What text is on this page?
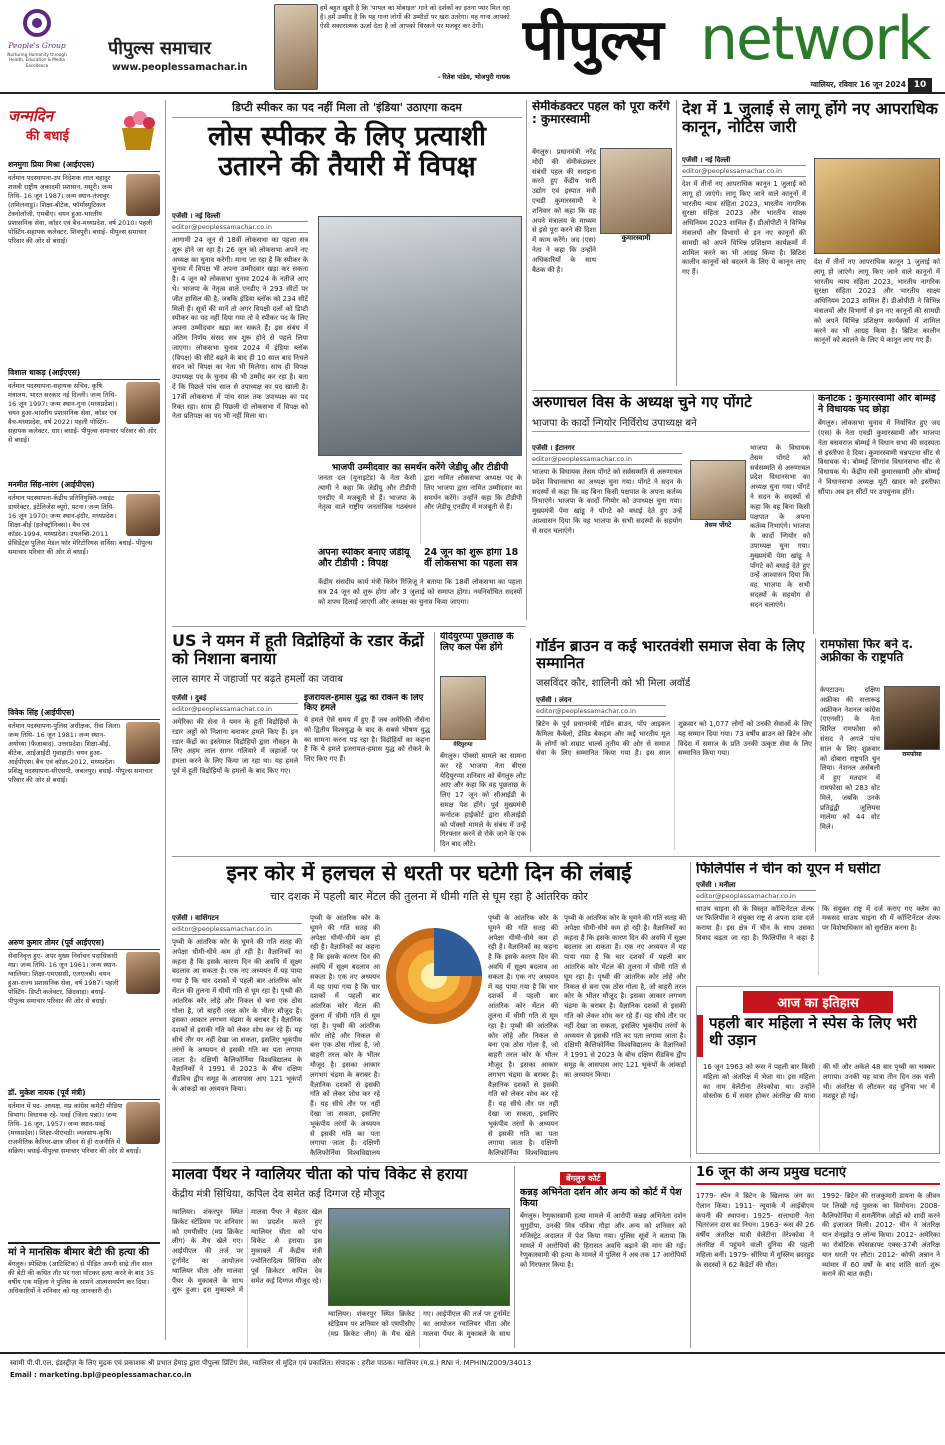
People's Group
Nurturing Humanity through Health, Education & Media Excellence
पीपुल्स समाचार
www.peoplessamachar.in
हमें बहुत ख़ुशी है कि 'पायल का मोबाइल' गाने को दर्शकों का इतना प्यार मिल रहा है। हमें उम्मीद है कि यह गाना लोगों की उम्मीदों पर खरा उतरेगा। यह गाना आपको ऐसी सकारात्मक ऊर्जा देता है जो आपको थिरकने पर मजबूर कर देगी।
- रितेश पांडेय, भोजपुरी गायक
पीपुल्स network
ग्वालियर, रविवार 16 जून 2024 10
जन्मदिन
की बधाई
शनमुगा प्रिया मिश्रा (आईएएस)
वर्तमान पदस्थापना-उप निदेशक लाल बहादुर शास्त्री राष्ट्रीय अकादमी प्रशासन, मसूरी। जन्म तिथि- 16 जून 1987। जन्म स्थान-तंजावुर (तमिलनाडु)। शिक्षा-बीटेक, फॉर्मास्युटिकल टेक्नोलॉजी, एमबीए। चयन हुआ-भारतीय प्रशासनिक सेवा, कॉडर एवं बैच-मध्यप्रदेश, वर्ष 2010। पहली पोस्टिंग-सहायक कलेक्टर, शिवपुरी। बधाई- पीपुल्स समाचार परिवार की ओर से बधाई।
विशाल धाकड़ (आईएएस)
वर्तमान पदस्थापना-सहायक सचिव, कृषि मंत्रालय, भारत सरकार नई दिल्ली। जन्म तिथि- 16 जून 1997। जन्म स्थान-गुना (मध्यप्रदेश)। चयन हुआ-भारतीय प्रशासनिक सेवा, कॉडर एवं बैच-मध्यप्रदेश, वर्ष 2022। पहली पोस्टिंग-सहायक कलेक्टर, धार। बधाई- पीपुल्स समाचार परिवार की ओर से बधाई।
मनमीत सिंह-नारंग (आईपीएस)
वर्तमान पदस्थापना-केंद्रीय प्रतिनियुक्ति-ज्वाइंट डायरेक्टर, इंटेलिजेंस ब्यूरो, पटना। जन्म तिथि- 16 जून 1970। जन्म स्थान-इंदौर, मध्यप्रदेश। शिक्षा-बीई (इलेक्ट्रॉनिक्स)। बैच एवं कॉडर-1994, मध्यप्रदेश। उपलब्धि-2011 प्रेसिडेंट्स पुलिस मेडल फॉर मेरिटोरियस सर्विस। बधाई- पीपुल्स समाचार परिवार की ओर से बधाई।
विवेक सिंह (आईपीएस)
वर्तमान पदस्थापना-पुलिस अधीक्षक, रीवा जिला। जन्म तिथि- 16 जून 1981। जन्म स्थान-अयोध्या (फैजाबाद), उत्तरप्रदेश। शिक्षा-बीई, बीटेक, आईआईटी गुवाहाटी। चयन हुआ-आईपीएस। बैच एवं कॉडर-2012, मध्यप्रदेश। प्रशिक्षु पदस्थापना-सीएसपी, जबलपुर। बधाई- पीपुल्स समाचार परिवार की ओर से बधाई।
अरुण कुमार तोमर (पूर्व आईएएस)
सेवानिवृत्त हुए- अपर मुख्य निर्वाचन पदाधिकारी मप्र। जन्म तिथि- 16 जून 1961। जन्म स्थान-ग्वालियर। शिक्षा-एमएससी, एलएलबी। चयन हुआ-राज्य प्रशासनिक सेवा, वर्ष 1987। पहली पोस्टिंग- डिप्टी कलेक्टर, छिंदवाड़ा। बधाई- पीपुल्स समाचार परिवार की ओर से बधाई।
डॉ. मुकेश नायक (पूर्व मंत्री)
वर्तमान में पद- अध्यक्ष, मप्र कांग्रेस कमेटी मीडिया विभाग। विधायक रहे- पवई (जिला पन्ना)। जन्म तिथि- 16 जून, 1957। जन्म स्थान-पवई (मध्यप्रदेश)। शिक्षा-पीएचडी। व्यवसाय-कृषि। राजनीतिक कैरियर-छात्र जीवन से ही राजनीति में सक्रिय। बधाई-पीपुल्स समाचार परिवार की ओर से बधाई।
मां ने मानसिक बीमार बेटी की हत्या की
बेंगलुरु। स्पेस्टिक (आटिस्टिक) से पीड़ित अपनी साढ़े तीन साल की बेटी की कथित तौर पर गला घोंटकर हत्या करने के बाद 35 वर्षीय एक महिला ने पुलिस के सामने आत्मसमर्पण कर दिया। अधिकारियों ने शनिवार को यह जानकारी दी।
डिप्टी स्पीकर का पद नहीं मिला तो 'इंडिया' उठाएगा कदम
लोस स्पीकर के लिए प्रत्याशी उतारने की तैयारी में विपक्ष
एजेंसी । नई दिल्ली
editor@peoplessamachar.co.in
आगामी 24 जून से 18वीं लोकसभा का पहला सत्र शुरू होने जा रहा है। 26 जून को लोकसभा अपने नए अध्यक्ष का चुनाव करेगी। माना जा रहा है कि स्पीकर के चुनाव में विपक्ष भी अपना उम्मीदवार खड़ा कर सकता है। 4 जून को लोकसभा चुनाव 2024 के नतीजे आए थे। भाजपा के नेतृत्व वाले एनडीए ने 293 सीटों पर जीत हासिल की है, जबकि इंडिया ब्लॉक को 234 सीटें मिली हैं। सूत्रों की मानें तो अगर विपक्षी दलों को डिप्टी स्पीकर का पद नहीं दिया गया तो वे स्पीकर पद के लिए अपना उम्मीदवार खड़ा कर सकते हैं। इस संबंध में अंतिम निर्णय संसद सत्र शुरू होने से पहले लिया जाएगा। लोकसभा चुनाव 2024 में इंडिया ब्लॉक (विपक्ष) की सीटें बढ़ने के बाद ही 10 साल बाद निचले सदन को विपक्ष का नेता भी मिलेगा। साथ ही विपक्ष उपाध्यक्ष पद के चुनाव की भी उम्मीद कर रहा है। बता दें कि पिछले पांच साल से उपाध्यक्ष का पद खाली है। 17वीं लोकसभा में पांच साल तक उपाध्यक्ष का पद रिक्त रहा। साथ ही पिछली दो लोकसभा में विपक्ष को नेता प्रतिपक्ष का पद भी नहीं मिला था।
भाजपी उम्मीदवार का समर्थन करेंगे जेडीयू और टीडीपी
जनता दल (यूनाइटेड) के नेता केसी त्यागी ने कहा कि जेडीयू और टीडीपी एनडीए में मजबूती से हैं। भाजपा के नेतृत्व वाले राष्ट्रीय जनतांत्रिक गठबंधन द्वारा नामित लोकसभा अध्यक्ष पद के लिए भाजपा द्वारा नामित उम्मीदवार का समर्थन करेंगे। उन्होंने कहा कि टीडीपी और जेडीयू एनडीए में मजबूती से हैं।
अपना स्पीकर बनाएं जेडीयू और टीडीपी : विपक्ष
24 जून को शुरू होगा 18 वीं लोकसभा का पहला सत्र
केंद्रीय संसदीय कार्य मंत्री किरेन रिजिजू ने बताया कि 18वीं लोकसभा का पहला सत्र 24 जून को शुरू होगा और 3 जुलाई को समाप्त होगा। नवनिर्वाचित सदस्यों को शपथ दिलाई जाएगी और अध्यक्ष का चुनाव किया जाएगा।
सेमीकंडक्टर पहल को पूरा करेंगे : कुमारस्वामी
कुमारस्वामी
बेंगलुरु। प्रधानमंत्री नरेंद्र मोदी की सेमीकंडक्टर संबंधी पहल की सराहना करते हुए केंद्रीय भारी उद्योग एवं इस्पात मंत्री एचडी कुमारस्वामी ने शनिवार को कहा कि वह अपने मंत्रालय के माध्यम से इसे पूरा करने की दिशा में काम करेंगे। जद (एस) नेता ने कहा कि उन्होंने अधिकारियों के साथ बैठक की है।
देश में 1 जुलाई से लागू होंगे नए आपराधिक कानून, नोटिस जारी
एजेंसी । नई दिल्ली
editor@peoplessamachar.co.in
देश में तीनों नए आपराधिक कानून 1 जुलाई को लागू हो जाएंगे। लागू किए जाने वाले कानूनों में भारतीय न्याय संहिता 2023, भारतीय नागरिक सुरक्षा संहिता 2023 और भारतीय साक्ष्य अधिनियम 2023 शामिल हैं। डीओपीटी ने विभिन्न मंत्रालयों और विभागों से इन नए कानूनों की सामग्री को अपने विभिन्न प्रशिक्षण कार्यक्रमों में शामिल करने का भी आग्रह किया है। ब्रिटिश कालीन कानूनों को बदलने के लिए ये कानून लाए गए हैं।
देश में तीनों नए आपराधिक कानून 1 जुलाई को लागू हो जाएंगे। लागू किए जाने वाले कानूनों में भारतीय न्याय संहिता 2023, भारतीय नागरिक सुरक्षा संहिता 2023 और भारतीय साक्ष्य अधिनियम 2023 शामिल हैं। डीओपीटी ने विभिन्न मंत्रालयों और विभागों से इन नए कानूनों की सामग्री को अपने विभिन्न प्रशिक्षण कार्यक्रमों में शामिल करने का भी आग्रह किया है। ब्रिटिश कालीन कानूनों को बदलने के लिए ये कानून लाए गए हैं।
अरुणाचल विस के अध्यक्ष चुने गए पोंगटे
भाजपा के कार्दो न्गियोर निर्विरोध उपाध्यक्ष बने
एजेंसी । ईटानगर
editor@peoplessamachar.co.in
भाजपा के विधायक तेसम पोंगटे को सर्वसम्मति से अरुणाचल प्रदेश विधानसभा का अध्यक्ष चुना गया। पोंगटे ने सदन के सदस्यों से कहा कि वह बिना किसी पक्षपात के अपना कर्तव्य निभाएंगे। भाजपा के कार्दो न्गियोर को उपाध्यक्ष चुना गया। मुख्यमंत्री पेमा खांडू ने पोंगटे को बधाई देते हुए उन्हें आश्वासन दिया कि वह भाजपा के सभी सदस्यों के सहयोग से सदन चलाएंगे।
तेसम पोंगटे
भाजपा के विधायक तेसम पोंगटे को सर्वसम्मति से अरुणाचल प्रदेश विधानसभा का अध्यक्ष चुना गया। पोंगटे ने सदन के सदस्यों से कहा कि वह बिना किसी पक्षपात के अपना कर्तव्य निभाएंगे। भाजपा के कार्दो न्गियोर को उपाध्यक्ष चुना गया। मुख्यमंत्री पेमा खांडू ने पोंगटे को बधाई देते हुए उन्हें आश्वासन दिया कि वह भाजपा के सभी सदस्यों के सहयोग से सदन चलाएंगे।
कर्नाटक : कुमारस्वामी और बोम्मई ने विधायक पद छोड़ा
बेंगलुरु। लोकसभा चुनाव में निर्वाचित हुए जद (एस) के नेता एचडी कुमारस्वामी और भाजपा नेता बसवराज बोम्मई ने विधान सभा की सदस्यता से इस्तीफा दे दिया। कुमारस्वामी चन्नपटना सीट से विधायक थे। बोम्मई शिग्गांव विधानसभा सीट से विधायक थे। केंद्रीय मंत्री कुमारस्वामी और बोम्मई ने विधानसभा अध्यक्ष यूटी खादर को इस्तीफा सौंपा। अब इन सीटों पर उपचुनाव होंगे।
US ने यमन में हूती विद्रोहियों के रडार केंद्रों को निशाना बनाया
लाल सागर में जहाजों पर बढ़ते हमलों का जवाब
एजेंसी । दुबई
editor@peoplessamachar.co.in
अमेरिका की सेना ने यमन के हूती विद्रोहियों के रडार अड्डों को निशाना बनाकर हमले किए हैं। इन रडार केंद्रों का इस्तेमाल विद्रोहियों द्वारा नौवहन के लिए अहम लाल सागर गलियारे में जहाजों पर हमला करने के लिए किया जा रहा था। यह हमले पूर्व में हूती विद्रोहियों के हमलों के बाद किए गए।
इजरायल-हमास युद्ध को रोकने के लिए किए हमले
ये हमले ऐसे समय में हुए हैं जब अमेरिकी नौसेना को द्वितीय विश्वयुद्ध के बाद के सबसे भीषण युद्ध का सामना करना पड़ रहा है। विद्रोहियों का कहना है कि ये हमले इजरायल-हमास युद्ध को रोकने के लिए किए गए हैं।
येदियुरप्पा पूछताछ के लिए कल पेश होंगे
येदियुरप्पा
बेंगलुरु। पॉक्सो मामले का सामना कर रहे भाजपा नेता बीएस येदियुरप्पा शनिवार को बेंगलुरु लौट आए और कहा कि वह पूछताछ के लिए 17 जून को सीआईडी के समक्ष पेश होंगे। पूर्व मुख्यमंत्री कर्नाटक हाईकोर्ट द्वारा सीआईडी को पॉक्सो मामले के संबंध में उन्हें गिरफ्तार करने से रोके जाने के एक दिन बाद लौटे।
गॉर्डन ब्राउन व कई भारतवंशी समाज सेवा के लिए सम्मानित
जसविंदर कौर, शालिनी को भी मिला अवॉर्ड
एजेंसी । लंदन
editor@peoplessamachar.co.in
ब्रिटेन के पूर्व प्रधानमंत्री गॉर्डन ब्राउन, पॉप आइकन कैमिला कैबेलो, डेविड बेकहम और कई भारतीय मूल के लोगों को सम्राट चार्ल्स तृतीय की ओर से समाज सेवा के लिए सम्मानित किया गया है। इस साल शुक्रवार को 1,077 लोगों को उनकी सेवाओं के लिए यह सम्मान दिया गया। 73 वर्षीय ब्राउन को ब्रिटेन और विदेश में समाज के प्रति उनकी उत्कृष्ट सेवा के लिए सम्मानित किया गया।
रामफोसा फिर बने द. अफ्रीका के राष्ट्रपति
रामफोसा
केपटाउन। दक्षिण अफ्रीका की सत्तारूढ़ अफ्रीकन नेशनल कांग्रेस (एएनसी) के नेता सिरिल रामफोसा को संसद ने अगले पांच साल के लिए शुक्रवार को दोबारा राष्ट्रपति चुन लिया। नेशनल असेंबली में हुए मतदान में रामफोसा को 283 वोट मिले, जबकि उनके प्रतिद्वंद्वी जूलियस मालेमा को 44 वोट मिले।
इनर कोर में हलचल से धरती पर घटेगी दिन की लंबाई
चार दशक में पहली बार मेंटल की तुलना में धीमी गति से घूम रहा है आंतरिक कोर
एजेंसी । वाशिंगटन
editor@peoplessamachar.co.in
पृथ्वी के आंतरिक कोर के घूमने की गति सतह की अपेक्षा धीमी-धीमे कम हो रही है। वैज्ञानिकों का कहना है कि इसके कारण दिन की अवधि में सूक्ष्म बदलाव आ सकता है। एक नए अध्ययन में यह पाया गया है कि चार दशकों में पहली बार आंतरिक कोर मेंटल की तुलना में धीमी गति से घूम रहा है। पृथ्वी की आंतरिक कोर लोहे और निकल से बना एक ठोस गोला है, जो बाहरी तरल कोर के भीतर मौजूद है। इसका आकार लगभग चंद्रमा के बराबर है। वैज्ञानिक दशकों से इसकी गति को लेकर शोध कर रहे हैं। यह सीधे तौर पर नहीं देखा जा सकता, इसलिए भूकंपीय तरंगों के अध्ययन से इसकी गति का पता लगाया जाता है। दक्षिणी कैलिफोर्निया विश्वविद्यालय के वैज्ञानिकों ने 1991 से 2023 के बीच दक्षिण सैंडविच द्वीप समूह के आसपास आए 121 भूकंपों के आंकड़ों का अध्ययन किया।
पृथ्वी के आंतरिक कोर के घूमने की गति सतह की अपेक्षा धीमी-धीमे कम हो रही है। वैज्ञानिकों का कहना है कि इसके कारण दिन की अवधि में सूक्ष्म बदलाव आ सकता है। एक नए अध्ययन में यह पाया गया है कि चार दशकों में पहली बार आंतरिक कोर मेंटल की तुलना में धीमी गति से घूम रहा है। पृथ्वी की आंतरिक कोर लोहे और निकल से बना एक ठोस गोला है, जो बाहरी तरल कोर के भीतर मौजूद है। इसका आकार लगभग चंद्रमा के बराबर है। वैज्ञानिक दशकों से इसकी गति को लेकर शोध कर रहे हैं। यह सीधे तौर पर नहीं देखा जा सकता, इसलिए भूकंपीय तरंगों के अध्ययन से इसकी गति का पता लगाया जाता है। दक्षिणी कैलिफोर्निया विश्वविद्यालय
पृथ्वी के आंतरिक कोर के घूमने की गति सतह की अपेक्षा धीमी-धीमे कम हो रही है। वैज्ञानिकों का कहना है कि इसके कारण दिन की अवधि में सूक्ष्म बदलाव आ सकता है। एक नए अध्ययन में यह पाया गया है कि चार दशकों में पहली बार आंतरिक कोर मेंटल की तुलना में धीमी गति से घूम रहा है। पृथ्वी की आंतरिक कोर लोहे और निकल से बना एक ठोस गोला है, जो बाहरी तरल कोर के भीतर मौजूद है। इसका आकार लगभग चंद्रमा के बराबर है। वैज्ञानिक दशकों से इसकी गति को लेकर शोध कर रहे हैं। यह सीधे तौर पर नहीं देखा जा सकता, इसलिए भूकंपीय तरंगों के अध्ययन से इसकी गति का पता लगाया जाता है। दक्षिणी कैलिफोर्निया विश्वविद्यालय
पृथ्वी के आंतरिक कोर के घूमने की गति सतह की अपेक्षा धीमी-धीमे कम हो रही है। वैज्ञानिकों का कहना है कि इसके कारण दिन की अवधि में सूक्ष्म बदलाव आ सकता है। एक नए अध्ययन में यह पाया गया है कि चार दशकों में पहली बार आंतरिक कोर मेंटल की तुलना में धीमी गति से घूम रहा है। पृथ्वी की आंतरिक कोर लोहे और निकल से बना एक ठोस गोला है, जो बाहरी तरल कोर के भीतर मौजूद है। इसका आकार लगभग चंद्रमा के बराबर है। वैज्ञानिक दशकों से इसकी गति को लेकर शोध कर रहे हैं। यह सीधे तौर पर नहीं देखा जा सकता, इसलिए भूकंपीय तरंगों के अध्ययन से इसकी गति का पता लगाया जाता है। दक्षिणी कैलिफोर्निया विश्वविद्यालय के वैज्ञानिकों ने 1991 से 2023 के बीच दक्षिण सैंडविच द्वीप समूह के आसपास आए 121 भूकंपों के आंकड़ों का अध्ययन किया।
फिलिपींस ने चीन को यूएन में घसीटा
एजेंसी । मनीला
editor@peoplessamachar.co.in
साउथ चाइना सी के विस्तृत कॉन्टिनेंटल शेल्फ पर फिलिपींस ने संयुक्त राष्ट्र से अपना दावा दर्ज कराया है। इस क्षेत्र में चीन के साथ उसका विवाद बढ़ता जा रहा है। फिलिपींस ने कहा है कि संयुक्त राष्ट्र में दर्ज कराए गए क्लेम का मकसद साउथ चाइना सी में कॉन्टिनेंटल शेल्फ पर विशेषाधिकार को सुरक्षित करना है।
आज का इतिहास
पहली बार महिला ने स्पेस के लिए भरी थी उड़ान
16 जून 1963 को रूस ने पहली बार किसी महिला को अंतरिक्ष में भेजा था। इस महिला का नाम वेलेंटीना तेरेश्कोवा था। उन्होंने वोस्तोक 6 में सवार होकर अंतरिक्ष की यात्रा की थी और अकेले 48 बार पृथ्वी का चक्कर लगाया। उनकी यह यात्रा तीन दिन तक चली थी। अंतरिक्ष से लौटकर वह दुनिया भर में मशहूर हो गईं।
मालवा पैंथर ने ग्वालियर चीता को पांच विकेट से हराया
केंद्रीय मंत्री सिंधिया, कपिल देव समेत कई दिग्गज रहे मौजूद
ग्वालियर। शंकरपुर स्थित क्रिकेट स्टेडियम पर शनिवार को एमपीसीए (मप्र क्रिकेट लीग) के मैच खेले गए। आईपीएल की तर्ज पर टूर्नामेंट का आयोजन ग्वालियर चीता और मालवा पैंथर के मुकाबले के साथ शुरू हुआ। इस मुकाबले में मालवा पैंथर ने बेहतर खेल का प्रदर्शन करते हुए ग्वालियर चीता को पांच विकेट से हराया। इस मुकाबले में केंद्रीय मंत्री ज्योतिरादित्य सिंधिया और पूर्व क्रिकेटर कपिल देव समेत कई दिग्गज मौजूद रहे।
ग्वालियर। शंकरपुर स्थित क्रिकेट स्टेडियम पर शनिवार को एमपीसीए (मप्र क्रिकेट लीग) के मैच खेले गए। आईपीएल की तर्ज पर टूर्नामेंट का आयोजन ग्वालियर चीता और मालवा पैंथर के मुकाबले के साथ
बेंगलुरु कोर्ट
कन्नड़ अभिनेता दर्शन और अन्य को कोर्ट में पेश किया
बेंगलुरु। रेणुकास्वामी हत्या मामले में आरोपी कन्नड़ अभिनेता दर्शन थुगुदीपा, उनकी मित्र पवित्रा गौड़ा और अन्य को शनिवार को मजिस्ट्रेट अदालत में पेश किया गया। पुलिस सूत्रों ने बताया कि मामले में आरोपियों की हिरासत अवधि बढ़ाने की मांग की गई। रेणुकास्वामी की हत्या के मामले में पुलिस ने अब तक 17 आरोपियों को गिरफ्तार किया है।
16 जून की अन्य प्रमुख घटनाएं
1779- स्पेन ने ब्रिटेन के खिलाफ जंग का ऐलान किया। 1911- न्यूयार्क में आईबीएम कंपनी की स्थापना। 1925- सत्ताधारी नेता चितरंजन दास का निधन। 1963- रूस की 26 वर्षीय अंतरिक्ष यात्री वेलेंटीना तेरेश्कोवा ने अंतरिक्ष में पहुंचने वाली दुनिया की पहली महिला बनीं। 1979- सीरिया में मुस्लिम ब्रदरहुड के सदस्यों ने 62 कैडेटों की मौत।
1992- ब्रिटेन की राजकुमारी डायना के जीवन पर लिखी गई पुस्तक का विमोचन। 2008- कैलिफोर्निया में समलैंगिक जोड़ों को शादी करने की इजाजत मिली। 2012- चीन ने अंतरिक्ष यान शेनझोउ 9 लॉन्च किया। 2012- अमेरिका का रोबोटिक स्पेसक्राफ्ट एक्स-37बी अंतरिक्ष यान धरती पर लौटा। 2012- कोफी अन्नान ने म्यांमार में 60 वर्षों के बाद शांति वार्ता शुरू कराने की बात कही।
स्वामी पी.पी.एल. इंडस्ट्रीज़ के लिए मुद्रक एवं प्रकाशक श्री प्रभात हेमाड़ द्वारा पीपुल्स प्रिंटिंग प्रेस, ग्वालियर से मुद्रित एवं प्रकाशित। संपादक : हरीश पाठक। ग्वालियर (म.प्र.) RNI नं. MPHIN/2009/34013
Email : marketing.bpl@peoplessamachar.co.in
